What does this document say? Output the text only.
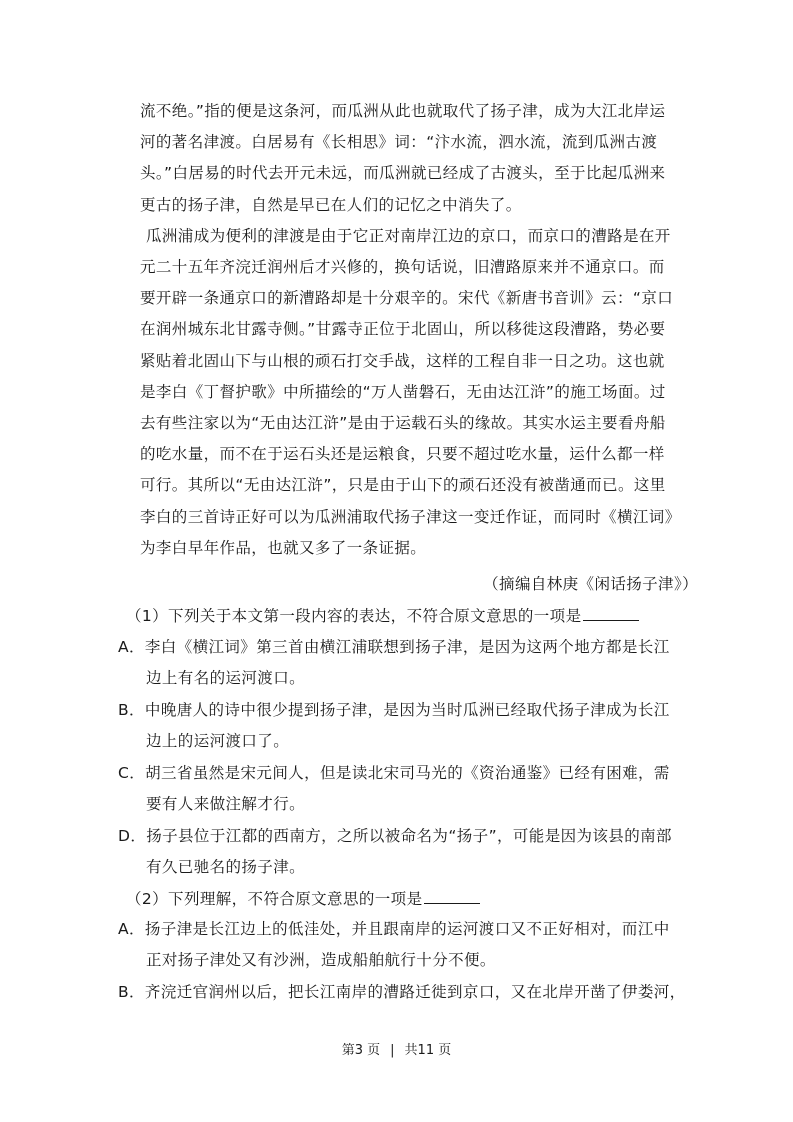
流不绝。”指的便是这条河，而瓜洲从此也就取代了扬子津，成为大江北岸运
河的著名津渡。白居易有《长相思》词：“汴水流，泗水流，流到瓜洲古渡
头。”白居易的时代去开元未远，而瓜洲就已经成了古渡头，至于比起瓜洲来
更古的扬子津，自然是早已在人们的记忆之中消失了。
瓜洲浦成为便利的津渡是由于它正对南岸江边的京口，而京口的漕路是在开
元二十五年齐浣迁润州后才兴修的，换句话说，旧漕路原来并不通京口。而
要开辟一条通京口的新漕路却是十分艰辛的。宋代《新唐书音训》云：“京口
在润州城东北甘露寺侧。”甘露寺正位于北固山，所以移徙这段漕路，势必要
紧贴着北固山下与山根的顽石打交手战，这样的工程自非一日之功。这也就
是李白《丁督护歌》中所描绘的“万人凿磐石，无由达江浒”的施工场面。过
去有些注家以为“无由达江浒”是由于运载石头的缘故。其实水运主要看舟船
的吃水量，而不在于运石头还是运粮食，只要不超过吃水量，运什么都一样
可行。其所以“无由达江浒”，只是由于山下的顽石还没有被凿通而已。这里
李白的三首诗正好可以为瓜洲浦取代扬子津这一变迁作证，而同时《横江词》
为李白早年作品，也就又多了一条证据。
（摘编自林庚《闲话扬子津》）
（1）下列关于本文第一段内容的表达，不符合原文意思的一项是
A．李白《横江词》第三首由横江浦联想到扬子津，是因为这两个地方都是长江
边上有名的运河渡口。
B．中晚唐人的诗中很少提到扬子津，是因为当时瓜洲已经取代扬子津成为长江
边上的运河渡口了。
C．胡三省虽然是宋元间人，但是读北宋司马光的《资治通鉴》已经有困难，需
要有人来做注解才行。
D．扬子县位于江都的西南方，之所以被命名为“扬子”，可能是因为该县的南部
有久已驰名的扬子津。
（2）下列理解，不符合原文意思的一项是
A．扬子津是长江边上的低洼处，并且跟南岸的运河渡口又不正好相对，而江中
正对扬子津处又有沙洲，造成船舶航行十分不便。
第3 页 | 共11 页
B．齐浣迁官润州以后，把长江南岸的漕路迁徙到京口，又在北岸开凿了伊娄河，
